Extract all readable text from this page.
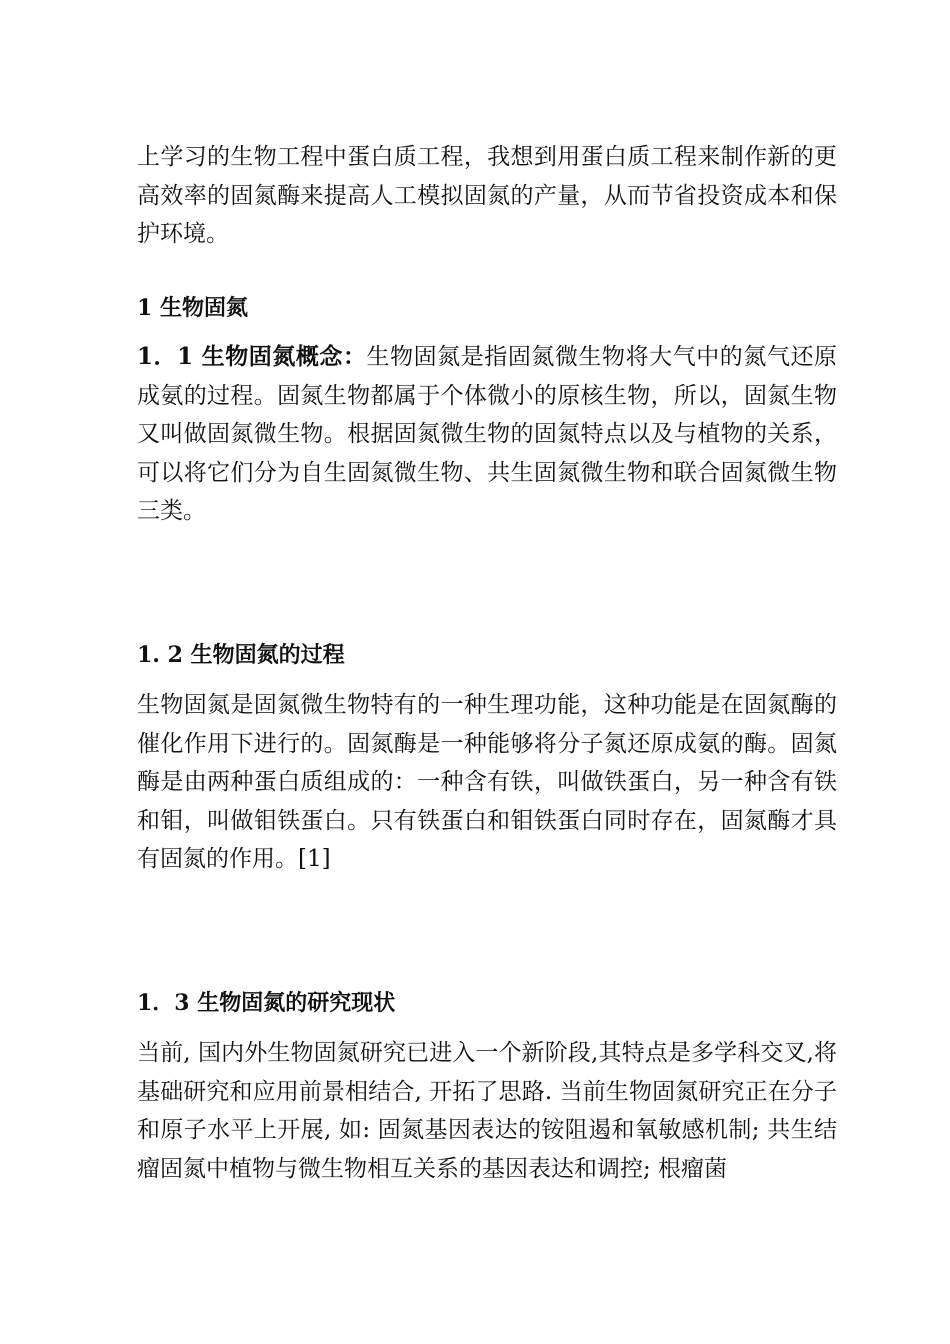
上学习的生物工程中蛋白质工程，我想到用蛋白质工程来制作新的更高效率的固氮酶来提高人工模拟固氮的产量，从而节省投资成本和保护环境。

1 生物固氮

1．1 生物固氮概念：生物固氮是指固氮微生物将大气中的氮气还原成氨的过程。固氮生物都属于个体微小的原核生物，所以，固氮生物又叫做固氮微生物。根据固氮微生物的固氮特点以及与植物的关系，可以将它们分为自生固氮微生物、共生固氮微生物和联合固氮微生物三类。

1. 2 生物固氮的过程

生物固氮是固氮微生物特有的一种生理功能，这种功能是在固氮酶的催化作用下进行的。固氮酶是一种能够将分子氮还原成氨的酶。固氮酶是由两种蛋白质组成的：一种含有铁，叫做铁蛋白，另一种含有铁和钼，叫做钼铁蛋白。只有铁蛋白和钼铁蛋白同时存在，固氮酶才具有固氮的作用。[1]

1．3 生物固氮的研究现状

当前, 国内外生物固氮研究已进入一个新阶段,其特点是多学科交叉,将基础研究和应用前景相结合, 开拓了思路. 当前生物固氮研究正在分子和原子水平上开展, 如: 固氮基因表达的铵阻遏和氧敏感机制; 共生结瘤固氮中植物与微生物相互关系的基因表达和调控; 根瘤菌
